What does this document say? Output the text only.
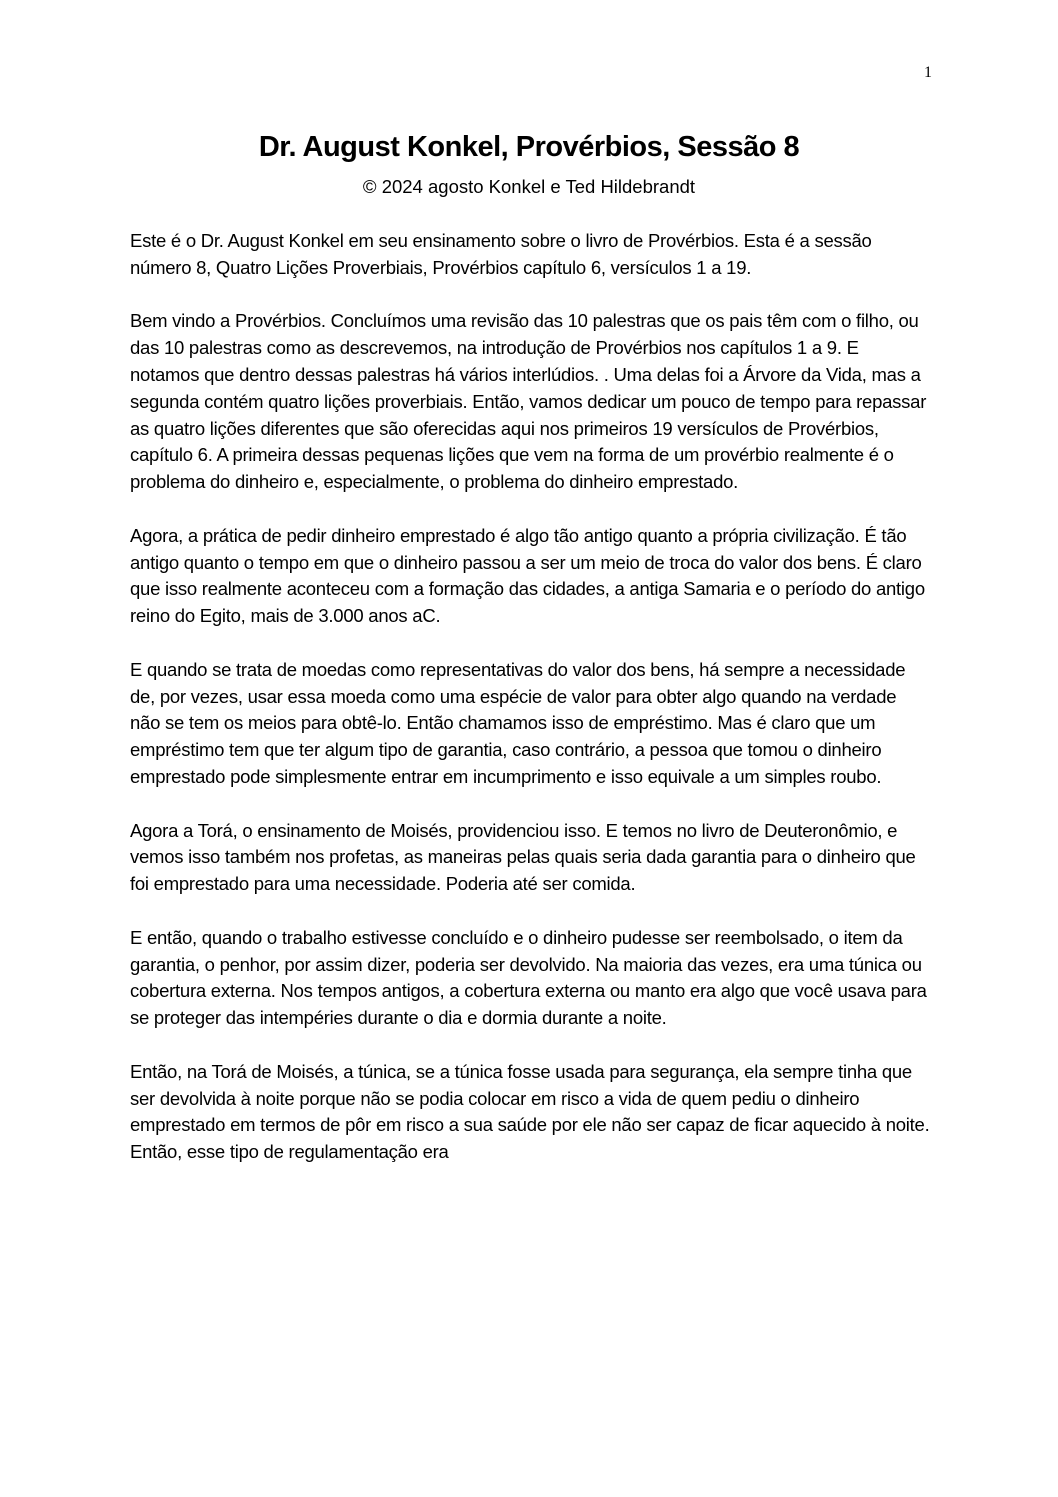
1
Dr. August Konkel, Provérbios, Sessão 8
© 2024 agosto Konkel e Ted Hildebrandt

Este é o Dr. August Konkel em seu ensinamento sobre o livro de Provérbios. Esta é a sessão número 8, Quatro Lições Proverbiais, Provérbios capítulo 6, versículos 1 a 19.

Bem vindo a Provérbios. Concluímos uma revisão das 10 palestras que os pais têm com o filho, ou das 10 palestras como as descrevemos, na introdução de Provérbios nos capítulos 1 a 9. E notamos que dentro dessas palestras há vários interlúdios. . Uma delas foi a Árvore da Vida, mas a segunda contém quatro lições proverbiais. Então, vamos dedicar um pouco de tempo para repassar as quatro lições diferentes que são oferecidas aqui nos primeiros 19 versículos de Provérbios, capítulo 6. A primeira dessas pequenas lições que vem na forma de um provérbio realmente é o problema do dinheiro e, especialmente, o problema do dinheiro emprestado.

Agora, a prática de pedir dinheiro emprestado é algo tão antigo quanto a própria civilização. É tão antigo quanto o tempo em que o dinheiro passou a ser um meio de troca do valor dos bens. É claro que isso realmente aconteceu com a formação das cidades, a antiga Samaria e o período do antigo reino do Egito, mais de 3.000 anos aC.

E quando se trata de moedas como representativas do valor dos bens, há sempre a necessidade de, por vezes, usar essa moeda como uma espécie de valor para obter algo quando na verdade não se tem os meios para obtê-lo. Então chamamos isso de empréstimo. Mas é claro que um empréstimo tem que ter algum tipo de garantia, caso contrário, a pessoa que tomou o dinheiro emprestado pode simplesmente entrar em incumprimento e isso equivale a um simples roubo.

Agora a Torá, o ensinamento de Moisés, providenciou isso. E temos no livro de Deuteronômio, e vemos isso também nos profetas, as maneiras pelas quais seria dada garantia para o dinheiro que foi emprestado para uma necessidade. Poderia até ser comida.

E então, quando o trabalho estivesse concluído e o dinheiro pudesse ser reembolsado, o item da garantia, o penhor, por assim dizer, poderia ser devolvido. Na maioria das vezes, era uma túnica ou cobertura externa. Nos tempos antigos, a cobertura externa ou manto era algo que você usava para se proteger das intempéries durante o dia e dormia durante a noite.

Então, na Torá de Moisés, a túnica, se a túnica fosse usada para segurança, ela sempre tinha que ser devolvida à noite porque não se podia colocar em risco a vida de quem pediu o dinheiro emprestado em termos de pôr em risco a sua saúde por ele não ser capaz de ficar aquecido à noite. Então, esse tipo de regulamentação era
